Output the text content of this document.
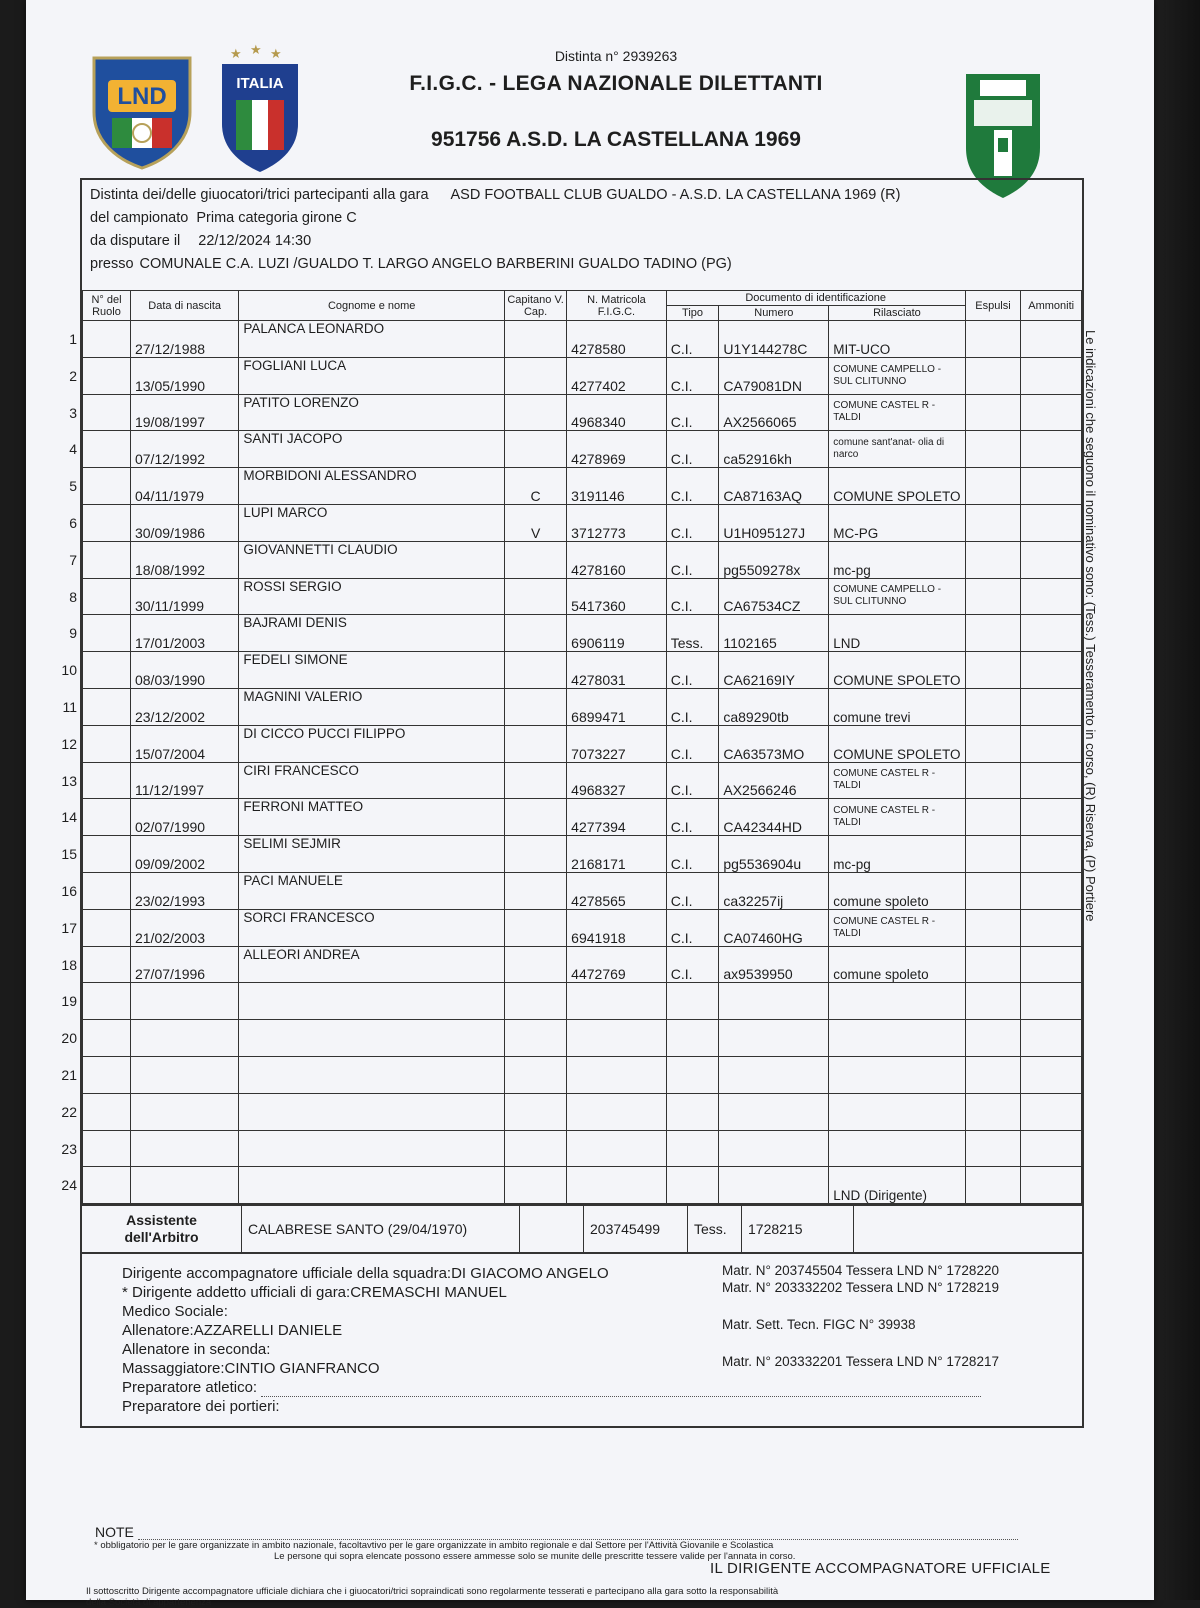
LND
★ ★ ★
ITALIA
Distinta n° 2939263
F.I.G.C. - LEGA NAZIONALE DILETTANTI
951756 A.S.D. LA CASTELLANA 1969
Le indicazioni che seguono il nominativo sono: (Tess.) Tesseramento in corso, (R) Riserva, (P) Portiere
Distinta dei/delle giuocatori/trici partecipanti alla gara ASD FOOTBALL CLUB GUALDO - A.S.D. LA CASTELLANA 1969 (R)
del campionato Prima categoria girone C
da disputare il 22/12/2024 14:30
presso COMUNALE C.A. LUZI /GUALDO T. LARGO ANGELO BARBERINI GUALDO TADINO (PG)
N° del Ruolo	Data di nascita	Cognome e nome	Capitano V. Cap.	N. Matricola F.I.G.C.	Documento di identificazione			Espulsi	Ammoniti
					Tipo	Numero	Rilasciato		

1	27/12/1988	PALANCA LEONARDO		4278580	C.I.	U1Y144278C	MIT-UCO		

2	13/05/1990	FOGLIANI LUCA		4277402	C.I.	CA79081DN	COMUNE CAMPELLO - SUL CLITUNNO		

3	19/08/1997	PATITO LORENZO		4968340	C.I.	AX2566065	COMUNE CASTEL R - TALDI		

4	07/12/1992	SANTI JACOPO		4278969	C.I.	ca52916kh	comune sant'anat- olia di narco		

5	04/11/1979	MORBIDONI ALESSANDRO	C	3191146	C.I.	CA87163AQ	COMUNE SPOLETO		

6	30/09/1986	LUPI MARCO	V	3712773	C.I.	U1H095127J	MC-PG		

7	18/08/1992	GIOVANNETTI CLAUDIO		4278160	C.I.	pg5509278x	mc-pg		

8	30/11/1999	ROSSI SERGIO		5417360	C.I.	CA67534CZ	COMUNE CAMPELLO - SUL CLITUNNO		

9	17/01/2003	BAJRAMI DENIS		6906119	Tess.	1102165	LND		

10	08/03/1990	FEDELI SIMONE		4278031	C.I.	CA62169IY	COMUNE SPOLETO		

11	23/12/2002	MAGNINI VALERIO		6899471	C.I.	ca89290tb	comune trevi		

12	15/07/2004	DI CICCO PUCCI FILIPPO		7073227	C.I.	CA63573MO	COMUNE SPOLETO		

13	11/12/1997	CIRI FRANCESCO		4968327	C.I.	AX2566246	COMUNE CASTEL R - TALDI		

14	02/07/1990	FERRONI MATTEO		4277394	C.I.	CA42344HD	COMUNE CASTEL R - TALDI		

15	09/09/2002	SELIMI SEJMIR		2168171	C.I.	pg5536904u	mc-pg		

16	23/02/1993	PACI MANUELE		4278565	C.I.	ca32257ij	comune spoleto		

17	21/02/2003	SORCI FRANCESCO		6941918	C.I.	CA07460HG	COMUNE CASTEL R - TALDI		

18	27/07/1996	ALLEORI ANDREA		4472769	C.I.	ax9539950	comune spoleto		

19									

20									

21									

22									

23									

24							LND (Dirigente)		
Assistente dell'Arbitro	CALABRESE SANTO (29/04/1970)	203745499	Tess.	1728215
Dirigente accompagnatore ufficiale della squadra:DI GIACOMO ANGELO
* Dirigente addetto ufficiali di gara:CREMASCHI MANUEL
Medico Sociale:
Allenatore:AZZARELLI DANIELE
Allenatore in seconda:
Massaggiatore:CINTIO GIANFRANCO
Preparatore atletico:
Preparatore dei portieri:
Matr. N° 203745504 Tessera LND N° 1728220
Matr. N° 203332202 Tessera LND N° 1728219
Matr. Sett. Tecn. FIGC N° 39938
Matr. N° 203332201 Tessera LND N° 1728217
NOTE
* obbligatorio per le gare organizzate in ambito nazionale, facoltavtivo per le gare organizzate in ambito regionale e dal Settore per l'Attività Giovanile e Scolastica
Le persone qui sopra elencate possono essere ammesse solo se munite delle prescritte tessere valide per l'annata in corso.
IL DIRIGENTE ACCOMPAGNATORE UFFICIALE
Il sottoscritto Dirigente accompagnatore ufficiale dichiara che i giuocatori/trici sopraindicati sono regolarmente tesserati e partecipano alla gara sotto la responsabilità della Società di appartenenza
